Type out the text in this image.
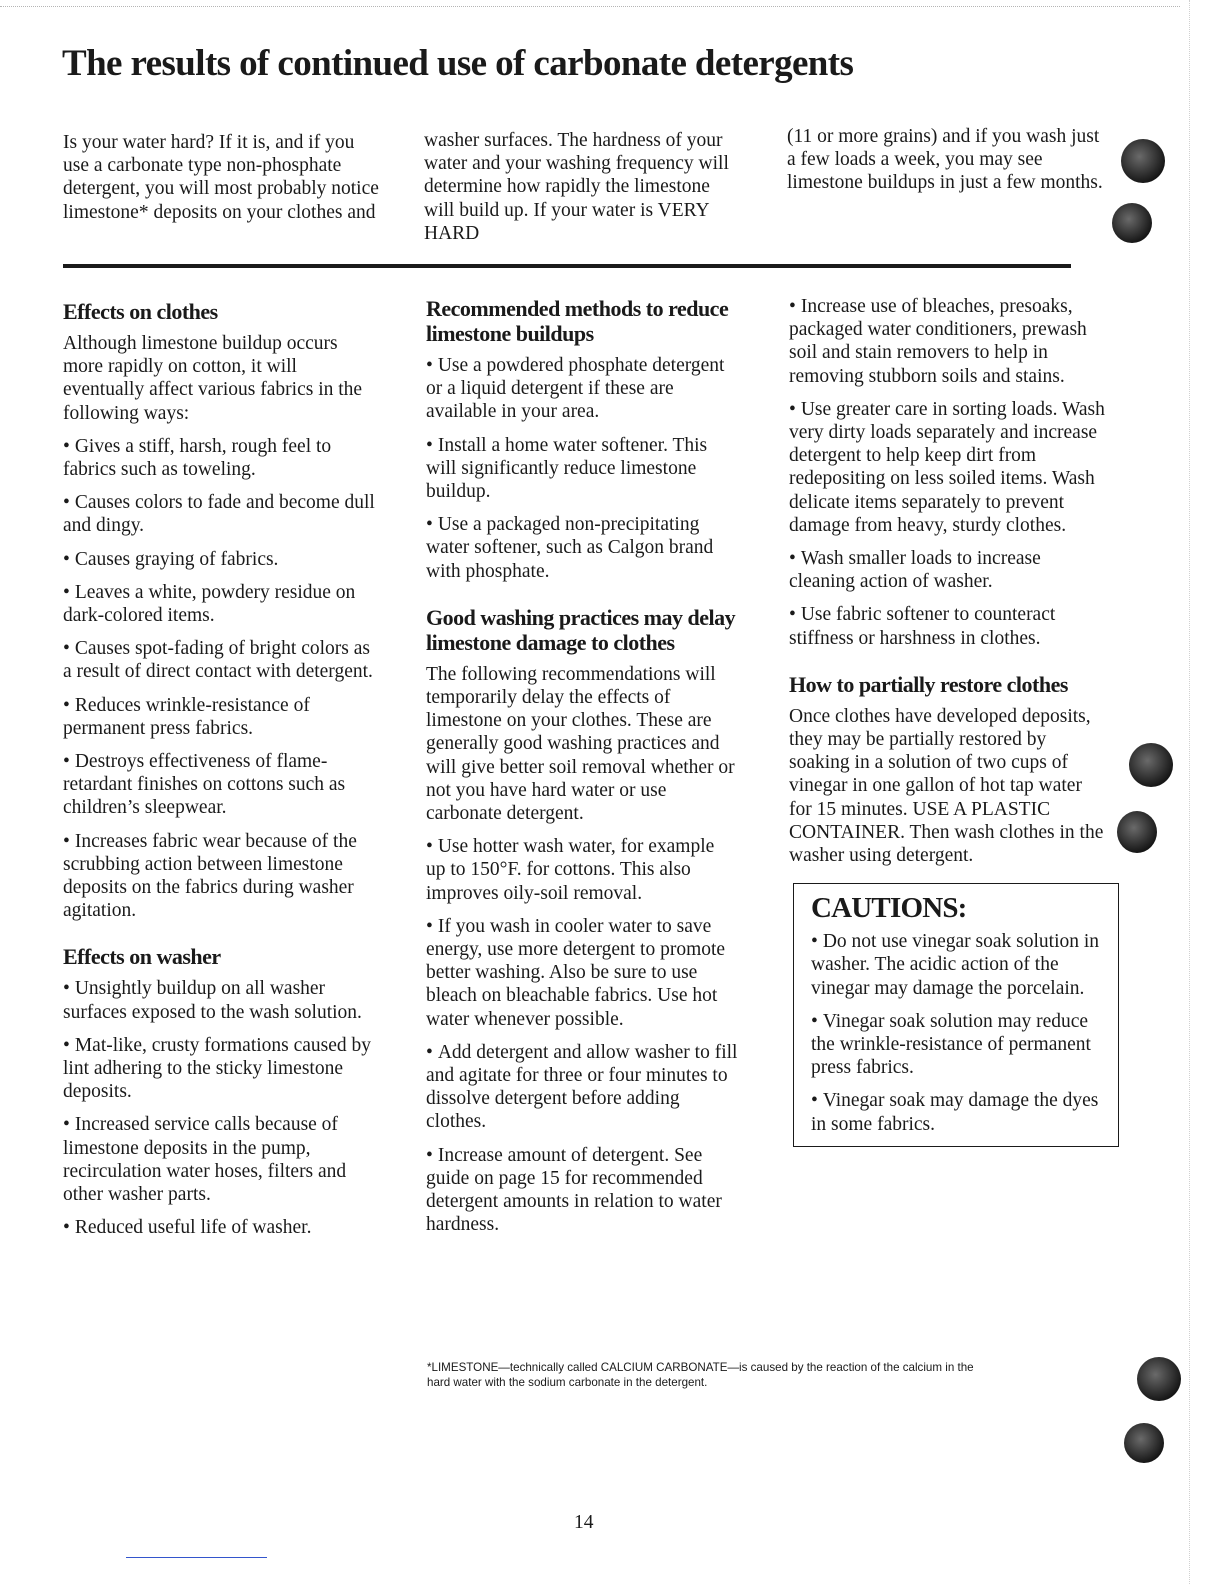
The results of continued use of carbonate detergents

Is your water hard? If it is, and if you use a carbonate type non-phosphate detergent, you will most probably notice limestone* deposits on your clothes and

washer surfaces. The hardness of your water and your washing frequency will determine how rapidly the limestone will build up. If your water is VERY HARD

(11 or more grains) and if you wash just a few loads a week, you may see limestone buildups in just a few months.

Effects on clothes

Although limestone buildup occurs more rapidly on cotton, it will eventually affect various fabrics in the following ways:

• Gives a stiff, harsh, rough feel to fabrics such as toweling.

• Causes colors to fade and become dull and dingy.

• Causes graying of fabrics.

• Leaves a white, powdery residue on dark-colored items.

• Causes spot-fading of bright colors as a result of direct contact with detergent.

• Reduces wrinkle-resistance of permanent press fabrics.

• Destroys effectiveness of flame-retardant finishes on cottons such as children’s sleepwear.

• Increases fabric wear because of the scrubbing action between limestone deposits on the fabrics during washer agitation.

Effects on washer

• Unsightly buildup on all washer surfaces exposed to the wash solution.

• Mat-like, crusty formations caused by lint adhering to the sticky limestone deposits.

• Increased service calls because of limestone deposits in the pump, recirculation water hoses, filters and other washer parts.

• Reduced useful life of washer.

Recommended methods to reduce limestone buildups

• Use a powdered phosphate detergent or a liquid detergent if these are available in your area.

• Install a home water softener. This will significantly reduce limestone buildup.

• Use a packaged non-precipitating water softener, such as Calgon brand with phosphate.

Good washing practices may delay limestone damage to clothes

The following recommendations will temporarily delay the effects of limestone on your clothes. These are generally good washing practices and will give better soil removal whether or not you have hard water or use carbonate detergent.

• Use hotter wash water, for example up to 150°F. for cottons. This also improves oily-soil removal.

• If you wash in cooler water to save energy, use more detergent to promote better washing. Also be sure to use bleach on bleachable fabrics. Use hot water whenever possible.

• Add detergent and allow washer to fill and agitate for three or four minutes to dissolve detergent before adding clothes.

• Increase amount of detergent. See guide on page 15 for recommended detergent amounts in relation to water hardness.

• Increase use of bleaches, presoaks, packaged water conditioners, prewash soil and stain removers to help in removing stubborn soils and stains.

• Use greater care in sorting loads. Wash very dirty loads separately and increase detergent to help keep dirt from redepositing on less soiled items. Wash delicate items separately to prevent damage from heavy, sturdy clothes.

• Wash smaller loads to increase cleaning action of washer.

• Use fabric softener to counteract stiffness or harshness in clothes.

How to partially restore clothes

Once clothes have developed deposits, they may be partially restored by soaking in a solution of two cups of vinegar in one gallon of hot tap water for 15 minutes. USE A PLASTIC CONTAINER. Then wash clothes in the washer using detergent.

CAUTIONS:

• Do not use vinegar soak solution in washer. The acidic action of the vinegar may damage the porcelain.

• Vinegar soak solution may reduce the wrinkle-resistance of permanent press fabrics.

• Vinegar soak may damage the dyes in some fabrics.

*LIMESTONE—technically called CALCIUM CARBONATE—is caused by the reaction of the calcium in the hard water with the sodium carbonate in the detergent.
14
